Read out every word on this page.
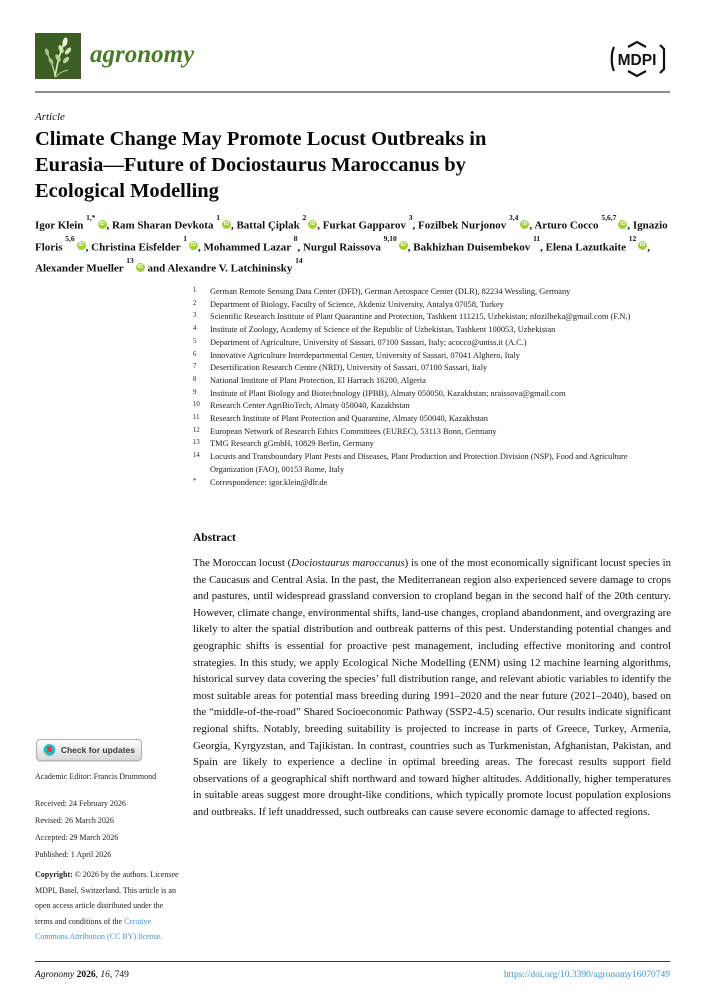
agronomy	MDPI
Article
Climate Change May Promote Locust Outbreaks in Eurasia—Future of Dociostaurus Maroccanus by Ecological Modelling
Igor Klein $^{1,*}$iD , Ram Sharan Devkota $^1$iD , Battal Çiplak $^2$iD , Furkat Gapparov $^3$, Fozilbek Nurjonov $^{3,4}$iD , Arturo Cocco $^{5,6,7}$iD , Ignazio Floris $^{5,6}$iD , Christina Eisfelder $^1$iD , Mohammed Lazar $^8$, Nurgul Raissova $^{9,10}$iD , Bakhizhan Duisembekov $^{11}$, Elena Lazutkaite $^{12}$iD , Alexander Mueller $^{13}$iD and Alexandre V. Latchininsky $^{14}$
1	German Remote Sensing Data Center (DFD), German Aerospace Center (DLR), 82234 Wessling, Germany
2	Department of Biology, Faculty of Science, Akdeniz University, Antalya 07058, Turkey
3	Scientific Research Institute of Plant Quarantine and Protection, Tashkent 111215, Uzbekistan; nfozilbeka@gmail.com (F.N.)
4	Institute of Zoology, Academy of Science of the Republic of Uzbekistan, Tashkent 100053, Uzbekistan
5	Department of Agriculture, University of Sassari, 07100 Sassari, Italy; acocco@uniss.it (A.C.)
6	Innovative Agriculture Interdepartmental Center, University of Sassari, 07041 Alghero, Italy
7	Desertification Research Centre (NRD), University of Sassari, 07100 Sassari, Italy
8	National Institute of Plant Protection, El Harrach 16200, Algeria
9	Institute of Plant Biology and Biotechnology (IPBB), Almaty 050050, Kazakhstan; nraissova@gmail.com
10	Research Center AgriBioTech, Almaty 050040, Kazakhstan
11	Research Institute of Plant Protection and Quarantine, Almaty 050040, Kazakhstan
12	European Network of Research Ethics Committees (EUREC), 53113 Bonn, Germany
13	TMG Research gGmbH, 10829 Berlin, Germany
14	Locusts and Transboundary Plant Pests and Diseases, Plant Production and Protection Division (NSP), Food and Agriculture Organization (FAO), 00153 Rome, Italy
*	Correspondence: igor.klein@dlr.de
Abstract
The Moroccan locust (Dociostaurus maroccanus) is one of the most economically significant locust species in the Caucasus and Central Asia. In the past, the Mediterranean region also experienced severe damage to crops and pastures, until widespread grassland conversion to cropland began in the second half of the 20th century. However, climate change, environmental shifts, land-use changes, cropland abandonment, and overgrazing are likely to alter the spatial distribution and outbreak patterns of this pest. Understanding potential changes and geographic shifts is essential for proactive pest management, including effective monitoring and control strategies. In this study, we apply Ecological Niche Modelling (ENM) using 12 machine learning algorithms, historical survey data covering the species’ full distribution range, and relevant abiotic variables to identify the most suitable areas for potential mass breeding during 1991–2020 and the near future (2021–2040), based on the “middle-of-the-road” Shared Socioeconomic Pathway (SSP2-4.5) scenario. Our results indicate significant regional shifts. Notably, breeding suitability is projected to increase in parts of Greece, Turkey, Armenia, Georgia, Kyrgyzstan, and Tajikistan. In contrast, countries such as Turkmenistan, Afghanistan, Pakistan, and Spain are likely to experience a decline in optimal breeding areas. The forecast results support field observations of a geographical shift northward and toward higher altitudes. Additionally, higher temperatures in suitable areas suggest more drought-like conditions, which typically promote locust population explosions and outbreaks. If left unaddressed, such outbreaks can cause severe economic damage to affected regions.
Check for updates
Academic Editor: Francis Drummond
Received: 24 February 2026
Revised: 26 March 2026
Accepted: 29 March 2026
Published: 1 April 2026
Copyright: © 2026 by the authors. Licensee MDPI, Basel, Switzerland. This article is an open access article distributed under the terms and conditions of the Creative Commons Attribution (CC BY) license.
Agronomy 2026, 16, 749	https://doi.org/10.3390/agronomy16070749
